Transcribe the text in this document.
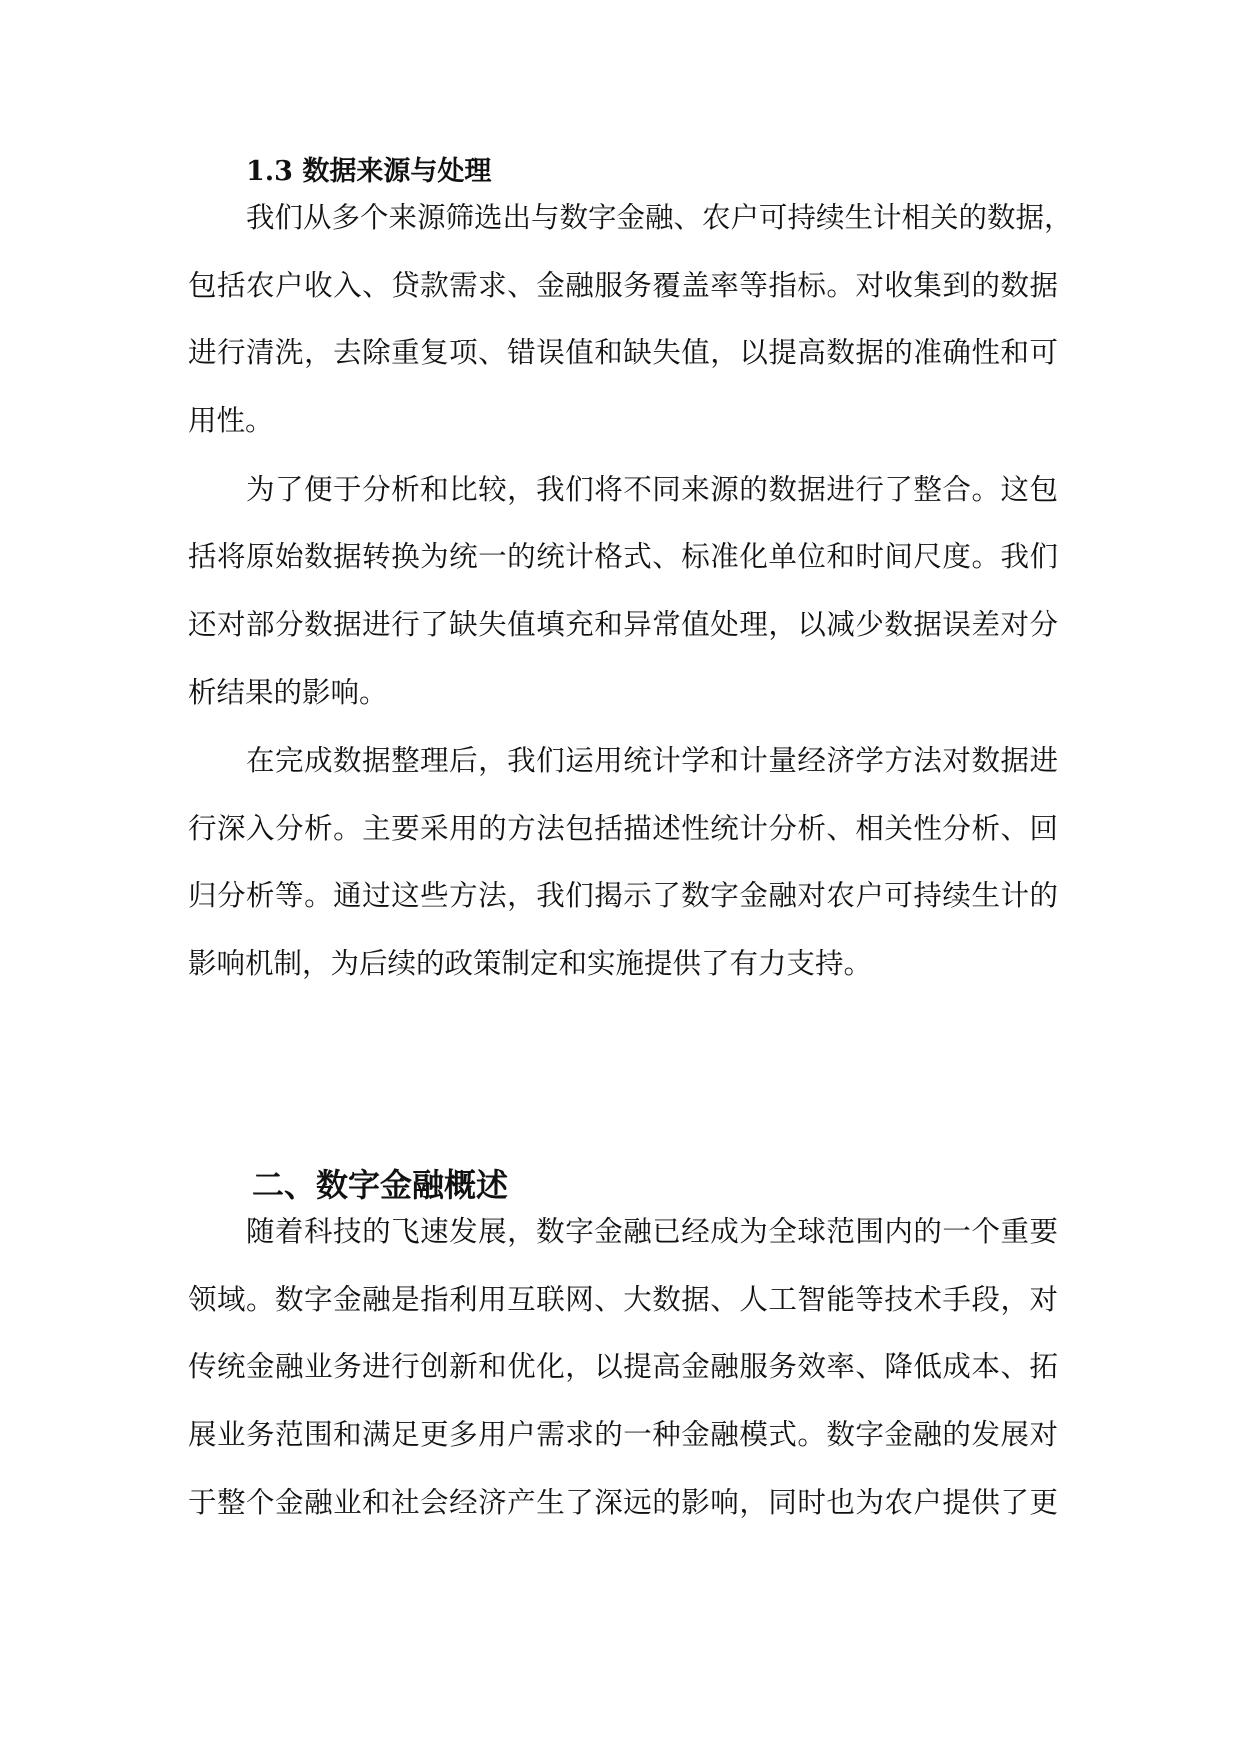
1.3 数据来源与处理

我们从多个来源筛选出与数字金融、农户可持续生计相关的数据，

包括农户收入、贷款需求、金融服务覆盖率等指标。对收集到的数据

进行清洗，去除重复项、错误值和缺失值，以提高数据的准确性和可

用性。

为了便于分析和比较，我们将不同来源的数据进行了整合。这包

括将原始数据转换为统一的统计格式、标准化单位和时间尺度。我们

还对部分数据进行了缺失值填充和异常值处理，以减少数据误差对分

析结果的影响。

在完成数据整理后，我们运用统计学和计量经济学方法对数据进

行深入分析。主要采用的方法包括描述性统计分析、相关性分析、回

归分析等。通过这些方法，我们揭示了数字金融对农户可持续生计的

影响机制，为后续的政策制定和实施提供了有力支持。

二、数字金融概述

随着科技的飞速发展，数字金融已经成为全球范围内的一个重要

领域。数字金融是指利用互联网、大数据、人工智能等技术手段，对

传统金融业务进行创新和优化，以提高金融服务效率、降低成本、拓

展业务范围和满足更多用户需求的一种金融模式。数字金融的发展对

于整个金融业和社会经济产生了深远的影响，同时也为农户提供了更
